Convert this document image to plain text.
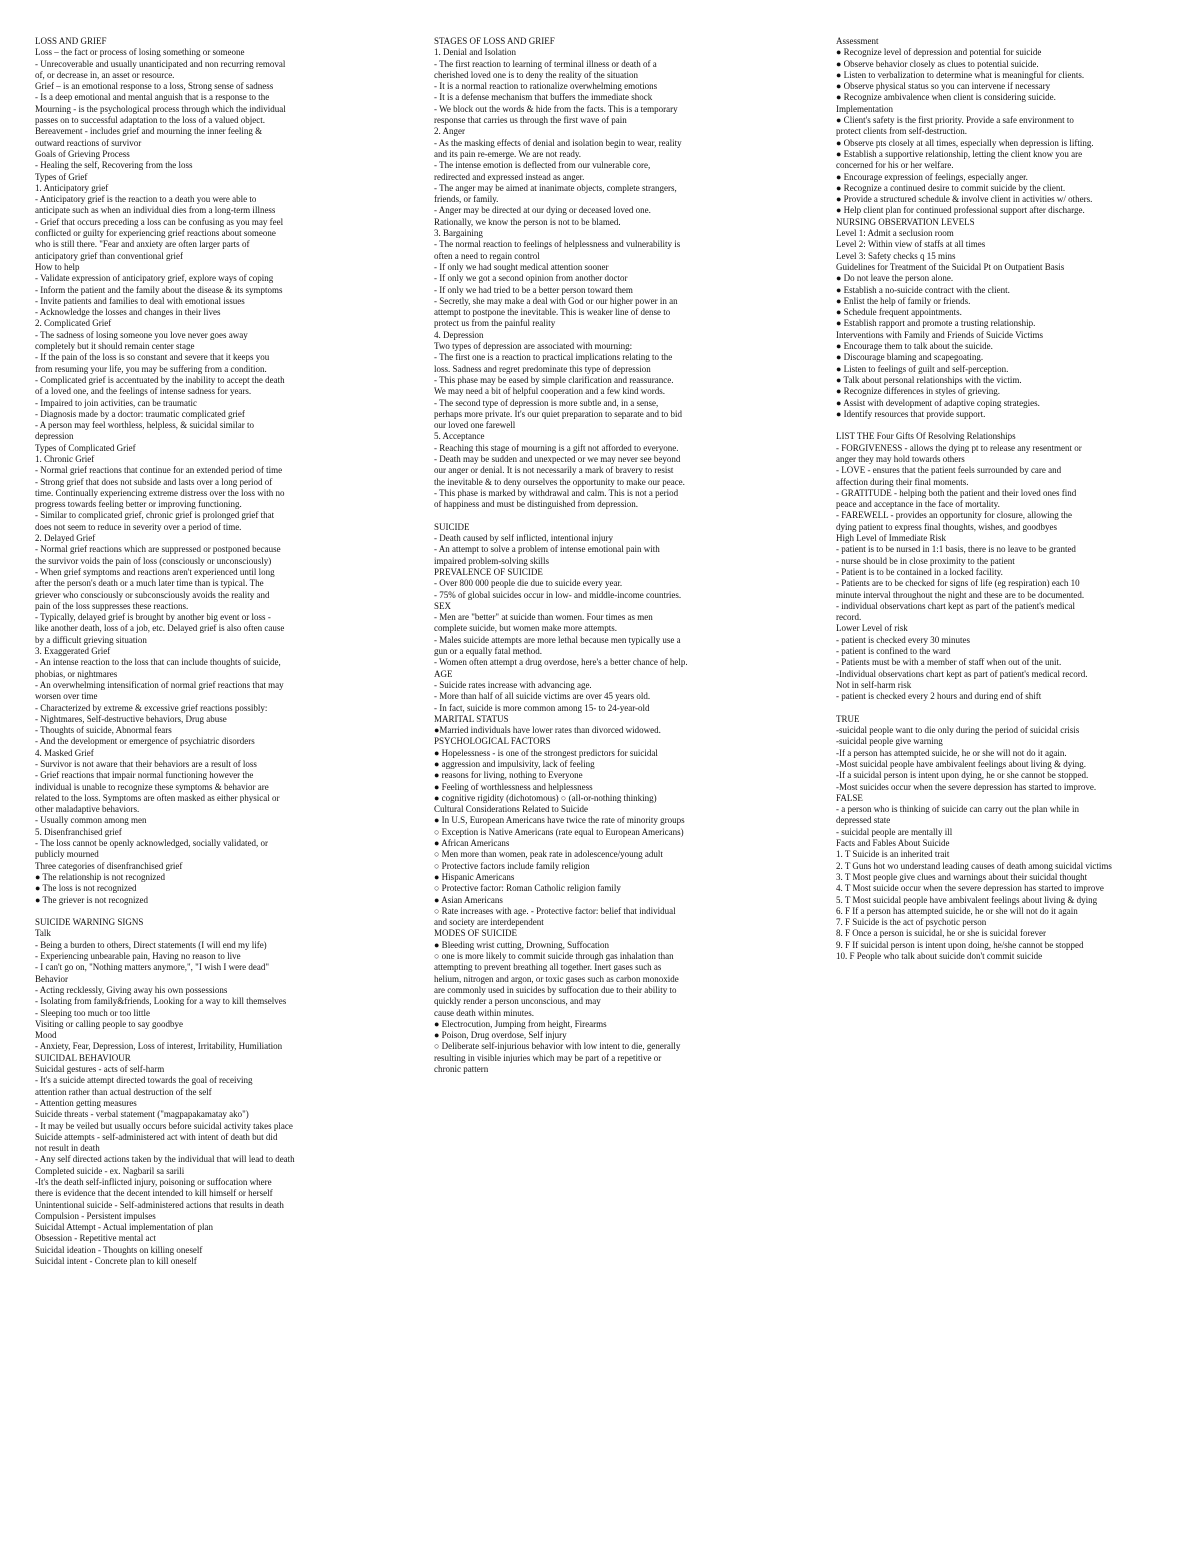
LOSS AND GRIEF
Loss – the fact or process of losing something or someone
- Unrecoverable and usually unanticipated and non recurring removal
of, or decrease in, an asset or resource.
Grief – is an emotional response to a loss, Strong sense of sadness
- Is a deep emotional and mental anguish that is a response to the
Mourning - is the psychological process through which the individual
passes on to successful adaptation to the loss of a valued object.
Bereavement - includes grief and mourning the inner feeling &
outward reactions of survivor
Goals of Grieving Process
- Healing the self, Recovering from the loss
Types of Grief
1. Anticipatory grief
- Anticipatory grief is the reaction to a death you were able to
anticipate such as when an individual dies from a long-term illness
- Grief that occurs preceding a loss can be confusing as you may feel
conflicted or guilty for experiencing grief reactions about someone
who is still there. "Fear and anxiety are often larger parts of
anticipatory grief than conventional grief
How to help
- Validate expression of anticipatory grief, explore ways of coping
- Inform the patient and the family about the disease & its symptoms
- Invite patients and families to deal with emotional issues
- Acknowledge the losses and changes in their lives
2. Complicated Grief
- The sadness of losing someone you love never goes away
completely but it should remain center stage
- If the pain of the loss is so constant and severe that it keeps you
from resuming your life, you may be suffering from a condition.
- Complicated grief is accentuated by the inability to accept the death
of a loved one, and the feelings of intense sadness for years.
- Impaired to join activities, can be traumatic
- Diagnosis made by a doctor: traumatic complicated grief
- A person may feel worthless, helpless, & suicidal similar to
depression
Types of Complicated Grief
1. Chronic Grief
- Normal grief reactions that continue for an extended period of time
- Strong grief that does not subside and lasts over a long period of
time. Continually experiencing extreme distress over the loss with no
progress towards feeling better or improving functioning.
- Similar to complicated grief, chronic grief is prolonged grief that
does not seem to reduce in severity over a period of time.
2. Delayed Grief
- Normal grief reactions which are suppressed or postponed because
the survivor voids the pain of loss (consciously or unconsciously)
- When grief symptoms and reactions aren't experienced until long
after the person's death or a much later time than is typical. The
griever who consciously or subconsciously avoids the reality and
pain of the loss suppresses these reactions.
- Typically, delayed grief is brought by another big event or loss -
like another death, loss of a job, etc. Delayed grief is also often cause
by a difficult grieving situation
3. Exaggerated Grief
- An intense reaction to the loss that can include thoughts of suicide,
phobias, or nightmares
- An overwhelming intensification of normal grief reactions that may
worsen over time
- Characterized by extreme & excessive grief reactions possibly:
- Nightmares, Self-destructive behaviors, Drug abuse
- Thoughts of suicide, Abnormal fears
- And the development or emergence of psychiatric disorders
4. Masked Grief
- Survivor is not aware that their behaviors are a result of loss
- Grief reactions that impair normal functioning however the
individual is unable to recognize these symptoms & behavior are
related to the loss. Symptoms are often masked as either physical or
other maladaptive behaviors.
- Usually common among men
5. Disenfranchised grief
- The loss cannot be openly acknowledged, socially validated, or
publicly mourned
Three categories of disenfranchised grief
● The relationship is not recognized
● The loss is not recognized
● The griever is not recognized
SUICIDE WARNING SIGNS
Talk
- Being a burden to others, Direct statements (I will end my life)
- Experiencing unbearable pain, Having no reason to live
- I can't go on, "Nothing matters anymore,", "I wish I were dead"
Behavior
- Acting recklessly, Giving away his own possessions
- Isolating from family&friends, Looking for a way to kill themselves
- Sleeping too much or too little
Visiting or calling people to say goodbye
Mood
- Anxiety, Fear, Depression, Loss of interest, Irritability, Humiliation
SUICIDAL BEHAVIOUR
Suicidal gestures - acts of self-harm
- It's a suicide attempt directed towards the goal of receiving
attention rather than actual destruction of the self
- Attention getting measures
Suicide threats - verbal statement ("magpapakamatay ako")
- It may be veiled but usually occurs before suicidal activity takes place
Suicide attempts - self-administered act with intent of death but did
not result in death
- Any self directed actions taken by the individual that will lead to death
Completed suicide - ex. Nagbaril sa sarili
-It's the death self-inflicted injury, poisoning or suffocation where
there is evidence that the decent intended to kill himself or herself
Unintentional suicide - Self-administered actions that results in death
Compulsion - Persistent impulses
Suicidal Attempt - Actual implementation of plan
Obsession - Repetitive mental act
Suicidal ideation - Thoughts on killing oneself
Suicidal intent - Concrete plan to kill oneself
STAGES OF LOSS AND GRIEF
1. Denial and Isolation
- The first reaction to learning of terminal illness or death of a
cherished loved one is to deny the reality of the situation
- It is a normal reaction to rationalize overwhelming emotions
- It is a defense mechanism that buffers the immediate shock
- We block out the words & hide from the facts. This is a temporary
response that carries us through the first wave of pain
2. Anger
- As the masking effects of denial and isolation begin to wear, reality
and its pain re-emerge. We are not ready.
- The intense emotion is deflected from our vulnerable core,
redirected and expressed instead as anger.
- The anger may be aimed at inanimate objects, complete strangers,
friends, or family.
- Anger may be directed at our dying or deceased loved one.
Rationally, we know the person is not to be blamed.
3. Bargaining
- The normal reaction to feelings of helplessness and vulnerability is
often a need to regain control
- If only we had sought medical attention sooner
- If only we got a second opinion from another doctor
- If only we had tried to be a better person toward them
- Secretly, she may make a deal with God or our higher power in an
attempt to postpone the inevitable. This is weaker line of dense to
protect us from the painful reality
4. Depression
Two types of depression are associated with mourning:
- The first one is a reaction to practical implications relating to the
loss. Sadness and regret predominate this type of depression
- This phase may be eased by simple clarification and reassurance.
We may need a bit of helpful cooperation and a few kind words.
- The second type of depression is more subtle and, in a sense,
perhaps more private. It's our quiet preparation to separate and to bid
our loved one farewell
5. Acceptance
- Reaching this stage of mourning is a gift not afforded to everyone.
- Death may be sudden and unexpected or we may never see beyond
our anger or denial. It is not necessarily a mark of bravery to resist
the inevitable & to deny ourselves the opportunity to make our peace.
- This phase is marked by withdrawal and calm. This is not a period
of happiness and must be distinguished from depression.
SUICIDE
- Death caused by self inflicted, intentional injury
- An attempt to solve a problem of intense emotional pain with
impaired problem-solving skills
PREVALENCE OF SUICIDE
- Over 800 000 people die due to suicide every year.
- 75% of global suicides occur in low- and middle-income countries.
SEX
- Men are "better" at suicide than women. Four times as men
complete suicide, but women make more attempts.
- Males suicide attempts are more lethal because men typically use a
gun or a equally fatal method.
- Women often attempt a drug overdose, here's a better chance of help.
AGE
- Suicide rates increase with advancing age.
- More than half of all suicide victims are over 45 years old.
- In fact, suicide is more common among 15- to 24-year-old
MARITAL STATUS
●Married individuals have lower rates than divorced widowed.
PSYCHOLOGICAL FACTORS
● Hopelessness - is one of the strongest predictors for suicidal
● aggression and impulsivity, lack of feeling
● reasons for living, nothing to Everyone
● Feeling of worthlessness and helplessness
● cognitive rigidity (dichotomous) ○ (all-or-nothing thinking)
Cultural Considerations Related to Suicide
● In U.S, European Americans have twice the rate of minority groups
○ Exception is Native Americans (rate equal to European Americans)
● African Americans
○ Men more than women, peak rate in adolescence/young adult
○ Protective factors include family religion
● Hispanic Americans
○ Protective factor: Roman Catholic religion family
● Asian Americans
○ Rate increases with age. - Protective factor: belief that individual
and society are interdependent
MODES OF SUICIDE
● Bleeding wrist cutting, Drowning, Suffocation
○ one is more likely to commit suicide through gas inhalation than
attempting to prevent breathing all together. Inert gases such as
helium, nitrogen and argon, or toxic gases such as carbon monoxide
are commonly used in suicides by suffocation due to their ability to
quickly render a person unconscious, and may
cause death within minutes.
● Electrocution, Jumping from height, Firearms
● Poison, Drug overdose, Self injury
○ Deliberate self-injurious behavior with low intent to die, generally
resulting in visible injuries which may be part of a repetitive or
chronic pattern
Assessment
● Recognize level of depression and potential for suicide
● Observe behavior closely as clues to potential suicide.
● Listen to verbalization to determine what is meaningful for clients.
● Observe physical status so you can intervene if necessary
● Recognize ambivalence when client is considering suicide.
Implementation
● Client's safety is the first priority. Provide a safe environment to
protect clients from self-destruction.
● Observe pts closely at all times, especially when depression is lifting.
● Establish a supportive relationship, letting the client know you are
concerned for his or her welfare.
● Encourage expression of feelings, especially anger.
● Recognize a continued desire to commit suicide by the client.
● Provide a structured schedule & involve client in activities w/ others.
● Help client plan for continued professional support after discharge.
NURSING OBSERVATION LEVELS
Level 1: Admit a seclusion room
Level 2: Within view of staffs at all times
Level 3: Safety checks q 15 mins
Guidelines for Treatment of the Suicidal Pt on Outpatient Basis
● Do not leave the person alone.
● Establish a no-suicide contract with the client.
● Enlist the help of family or friends.
● Schedule frequent appointments.
● Establish rapport and promote a trusting relationship.
Interventions with Family and Friends of Suicide Victims
● Encourage them to talk about the suicide.
● Discourage blaming and scapegoating.
● Listen to feelings of guilt and self-perception.
● Talk about personal relationships with the victim.
● Recognize differences in styles of grieving.
● Assist with development of adaptive coping strategies.
● Identify resources that provide support.
LIST THE Four Gifts Of Resolving Relationships
- FORGIVENESS - allows the dying pt to release any resentment or
anger they may hold towards others
- LOVE - ensures that the patient feels surrounded by care and
affection during their final moments.
- GRATITUDE - helping both the patient and their loved ones find
peace and acceptance in the face of mortality.
- FAREWELL - provides an opportunity for closure, allowing the
dying patient to express final thoughts, wishes, and goodbyes
High Level of Immediate Risk
- patient is to be nursed in 1:1 basis, there is no leave to be granted
- nurse should be in close proximity to the patient
- Patient is to be contained in a locked facility.
- Patients are to be checked for signs of life (eg respiration) each 10
minute interval throughout the night and these are to be documented.
- individual observations chart kept as part of the patient's medical
record.
Lower Level of risk
- patient is checked every 30 minutes
- patient is confined to the ward
- Patients must be with a member of staff when out of the unit.
-Individual observations chart kept as part of patient's medical record.
Not in self-harm risk
- patient is checked every 2 hours and during end of shift
TRUE
-suicidal people want to die only during the period of suicidal crisis
-suicidal people give warning
-If a person has attempted suicide, he or she will not do it again.
-Most suicidal people have ambivalent feelings about living & dying.
-If a suicidal person is intent upon dying, he or she cannot be stopped.
-Most suicides occur when the severe depression has started to improve.
FALSE
- a person who is thinking of suicide can carry out the plan while in
depressed state
- suicidal people are mentally ill
Facts and Fables About Suicide
1. T Suicide is an inherited trait
2. T Guns hot wo understand leading causes of death among suicidal victims
3. T Most people give clues and warnings about their suicidal thought
4. T Most suicide occur when the severe depression has started to improve
5. T Most suicidal people have ambivalent feelings about living & dying
6. F If a person has attempted suicide, he or she will not do it again
7. F Suicide is the act of psychotic person
8. F Once a person is suicidal, he or she is suicidal forever
9. F If suicidal person is intent upon doing, he/she cannot be stopped
10. F People who talk about suicide don't commit suicide
